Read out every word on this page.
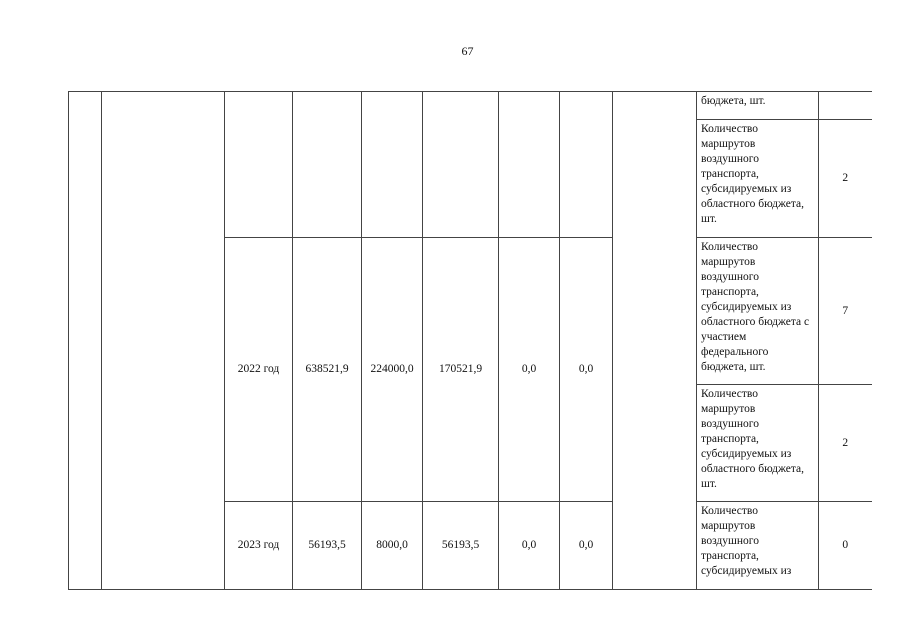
67
									бюджета, шт.	
									Количество маршрутов воздушного транспорта, субсидируемых из областного бюджета, шт.	2
		2022 год	638521,9	224000,0	170521,9	0,0	0,0		Количество маршрутов воздушного транспорта, субсидируемых из областного бюджета с участием федерального бюджета, шт.	7
									Количество маршрутов воздушного транспорта, субсидируемых из областного бюджета, шт.	2
		2023 год	56193,5	8000,0	56193,5	0,0	0,0		Количество маршрутов воздушного транспорта, субсидируемых из	0
